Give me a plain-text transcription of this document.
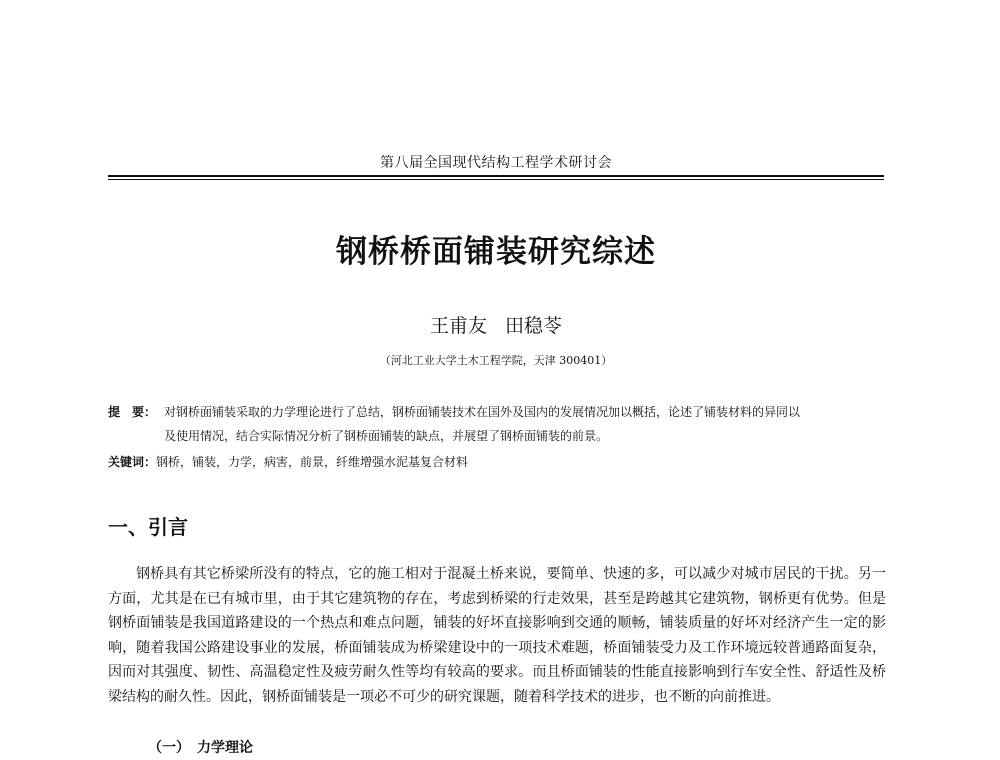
第八届全国现代结构工程学术研讨会
钢桥桥面铺装研究综述
王甫友 田稳苓
（河北工业大学土木工程学院，天津 300401）
提　要： 对钢桥面铺装采取的力学理论进行了总结，钢桥面铺装技术在国外及国内的发展情况加以概括，论述了铺装材料的异同以
及使用情况，结合实际情况分析了钢桥面铺装的缺点，并展望了钢桥面铺装的前景。
关键词：钢桥，铺装，力学，病害，前景，纤维增强水泥基复合材料
一、引言

钢桥具有其它桥梁所没有的特点，它的施工相对于混凝土桥来说，要简单、快速的多，可以减少对城市居民的干扰。另一方面，尤其是在已有城市里，由于其它建筑物的存在，考虑到桥梁的行走效果，甚至是跨越其它建筑物，钢桥更有优势。但是钢桥面铺装是我国道路建设的一个热点和难点问题，铺装的好坏直接影响到交通的顺畅，铺装质量的好坏对经济产生一定的影响，随着我国公路建设事业的发展，桥面铺装成为桥梁建设中的一项技术难题，桥面铺装受力及工作环境远较普通路面复杂，因而对其强度、韧性、高温稳定性及疲劳耐久性等均有较高的要求。而且桥面铺装的性能直接影响到行车安全性、舒适性及桥梁结构的耐久性。因此，钢桥面铺装是一项必不可少的研究课题，随着科学技术的进步，也不断的向前推进。

（一）　力学理论
